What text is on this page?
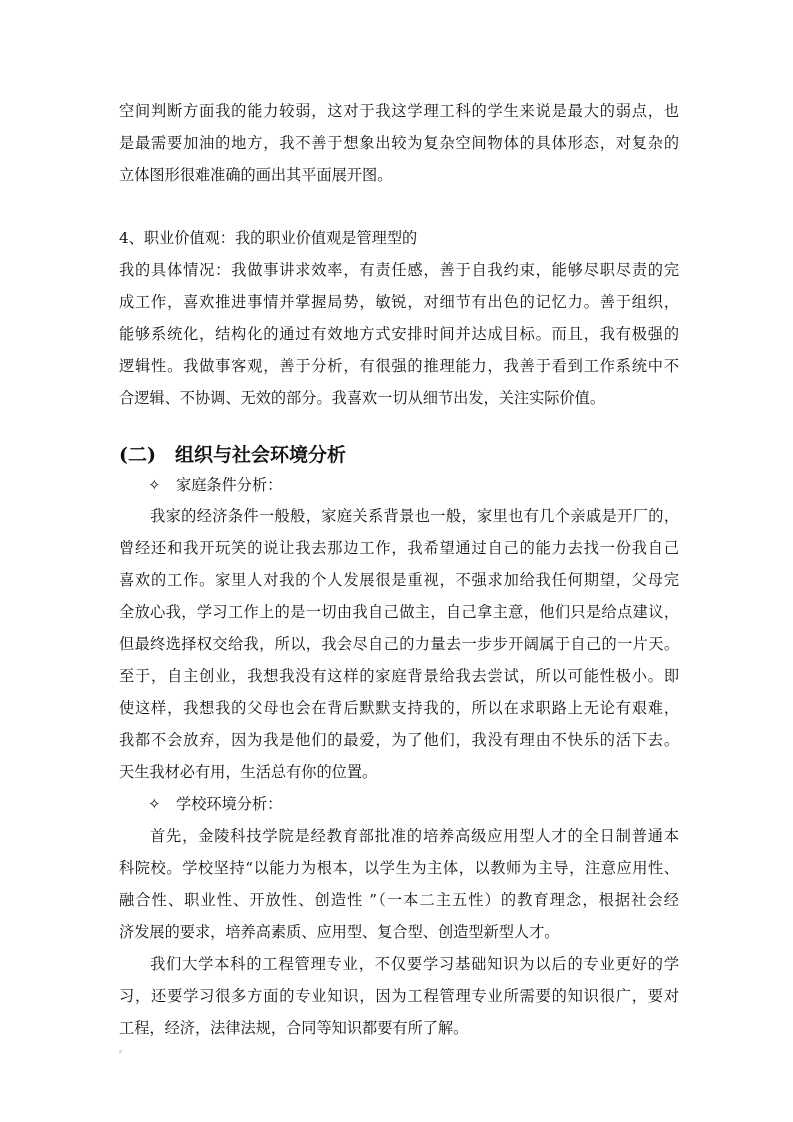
空间判断方面我的能力较弱，这对于我这学理工科的学生来说是最大的弱点，也
是最需要加油的地方，我不善于想象出较为复杂空间物体的具体形态，对复杂的
立体图形很难准确的画出其平面展开图。
4、职业价值观：我的职业价值观是管理型的
我的具体情况：我做事讲求效率，有责任感，善于自我约束，能够尽职尽责的完
成工作，喜欢推进事情并掌握局势，敏锐，对细节有出色的记忆力。善于组织，
能够系统化，结构化的通过有效地方式安排时间并达成目标。而且，我有极强的
逻辑性。我做事客观，善于分析，有很强的推理能力，我善于看到工作系统中不
合逻辑、不协调、无效的部分。我喜欢一切从细节出发，关注实际价值。
(二) 组织与社会环境分析
✧ 家庭条件分析：
我家的经济条件一般般，家庭关系背景也一般，家里也有几个亲戚是开厂的，
曾经还和我开玩笑的说让我去那边工作，我希望通过自己的能力去找一份我自己
喜欢的工作。家里人对我的个人发展很是重视，不强求加给我任何期望，父母完
全放心我，学习工作上的是一切由我自己做主，自己拿主意，他们只是给点建议，
但最终选择权交给我，所以，我会尽自己的力量去一步步开阔属于自己的一片天。
至于，自主创业，我想我没有这样的家庭背景给我去尝试，所以可能性极小。即
使这样，我想我的父母也会在背后默默支持我的，所以在求职路上无论有艰难，
我都不会放弃，因为我是他们的最爱，为了他们，我没有理由不快乐的活下去。
天生我材必有用，生活总有你的位置。
✧ 学校环境分析：
首先，金陵科技学院是经教育部批准的培养高级应用型人才的全日制普通本
科院校。学校坚持“以能力为根本，以学生为主体，以教师为主导，注意应用性、
融合性、职业性、开放性、创造性 ”（一本二主五性）的教育理念，根据社会经
济发展的要求，培养高素质、应用型、复合型、创造型新型人才。
我们大学本科的工程管理专业，不仅要学习基础知识为以后的专业更好的学
习，还要学习很多方面的专业知识，因为工程管理专业所需要的知识很广，要对
工程，经济，法律法规，合同等知识都要有所了解。
